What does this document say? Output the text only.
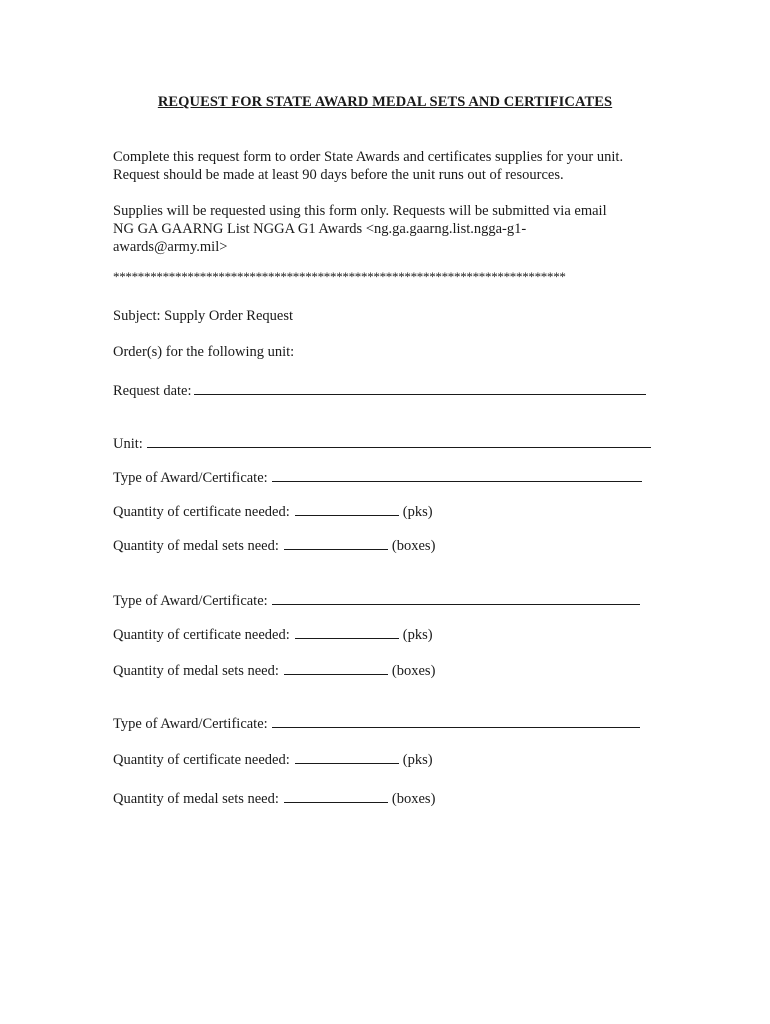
REQUEST FOR STATE AWARD MEDAL SETS AND CERTIFICATES

Complete this request form to order State Awards and certificates supplies for your unit.

Request should be made at least 90 days before the unit runs out of resources.

Supplies will be requested using this form only. Requests will be submitted via email

NG GA GAARNG List NGGA G1 Awards <ng.ga.gaarng.list.ngga-g1-

awards@army.mil>

*************************************************************************
Subject: Supply Order Request
Order(s) for the following unit:
Request date:
Unit:
Type of Award/Certificate:
Quantity of certificate needed:	(pks)
Quantity of medal sets need:	(boxes)
Type of Award/Certificate:
Quantity of certificate needed:	(pks)
Quantity of medal sets need:	(boxes)
Type of Award/Certificate:
Quantity of certificate needed:	(pks)
Quantity of medal sets need:	(boxes)
